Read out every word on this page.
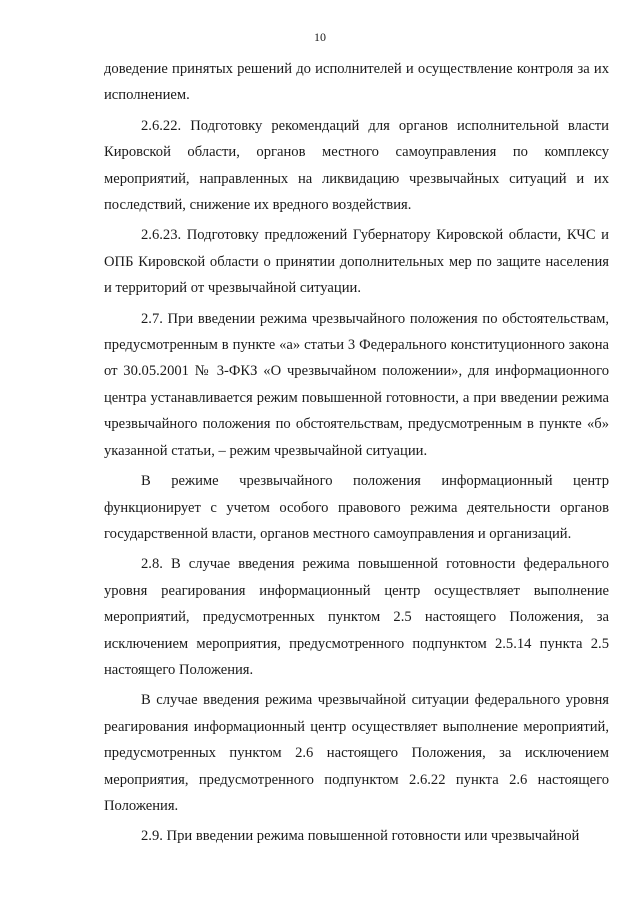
10

доведение принятых решений до исполнителей и осуществление контроля за их исполнением.

2.6.22. Подготовку рекомендаций для органов исполнительной власти Кировской области, органов местного самоуправления по комплексу мероприятий, направленных на ликвидацию чрезвычайных ситуаций и их последствий, снижение их вредного воздействия.

2.6.23. Подготовку предложений Губернатору Кировской области, КЧС и ОПБ Кировской области о принятии дополнительных мер по защите населения и территорий от чрезвычайной ситуации.

2.7. При введении режима чрезвычайного положения по обстоятельствам, предусмотренным в пункте «а» статьи 3 Федерального конституционного закона от 30.05.2001 № 3-ФКЗ «О чрезвычайном положении», для информационного центра устанавливается режим повышенной готовности, а при введении режима чрезвычайного положения по обстоятельствам, предусмотренным в пункте «б» указанной статьи, – режим чрезвычайной ситуации.

В режиме чрезвычайного положения информационный центр функционирует с учетом особого правового режима деятельности органов государственной власти, органов местного самоуправления и организаций.

2.8. В случае введения режима повышенной готовности федерального уровня реагирования информационный центр осуществляет выполнение мероприятий, предусмотренных пунктом 2.5 настоящего Положения, за исключением мероприятия, предусмотренного подпунктом 2.5.14 пункта 2.5 настоящего Положения.

В случае введения режима чрезвычайной ситуации федерального уровня реагирования информационный центр осуществляет выполнение мероприятий, предусмотренных пунктом 2.6 настоящего Положения, за исключением мероприятия, предусмотренного подпунктом 2.6.22 пункта 2.6 настоящего Положения.

2.9. При введении режима повышенной готовности или чрезвычайной
